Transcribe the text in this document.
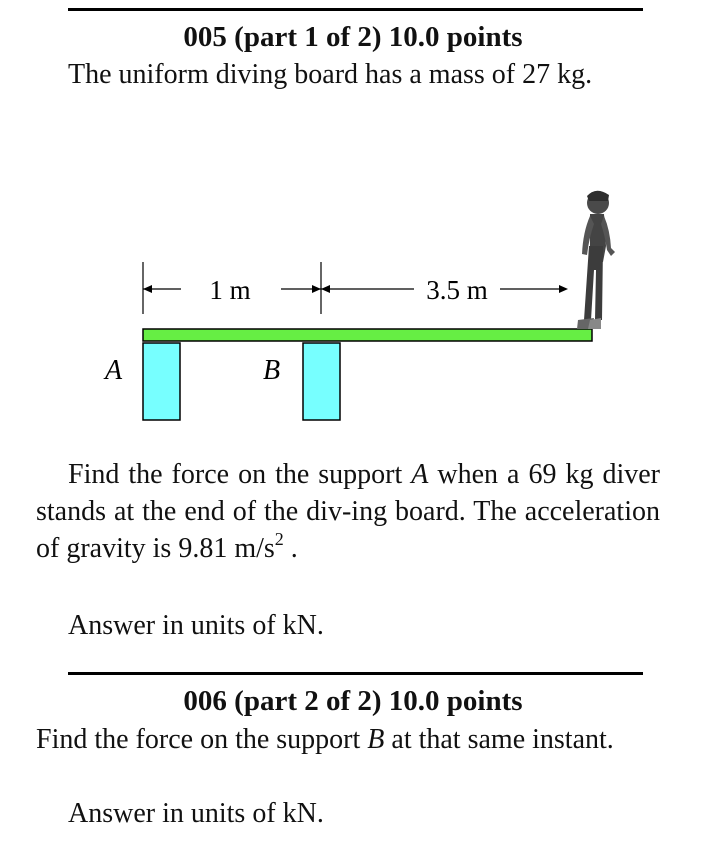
005 (part 1 of 2) 10.0 points

The uniform diving board has a mass of 27 kg.

1 m	3.5 m
A	B

Find the force on the support A when a 69 kg diver stands at the end of the div-ing board. The acceleration of gravity is 9.81 $m/s^2$ .

Answer in units of kN.
006 (part 2 of 2) 10.0 points

Find the force on the support B at that same instant.

Answer in units of kN.
